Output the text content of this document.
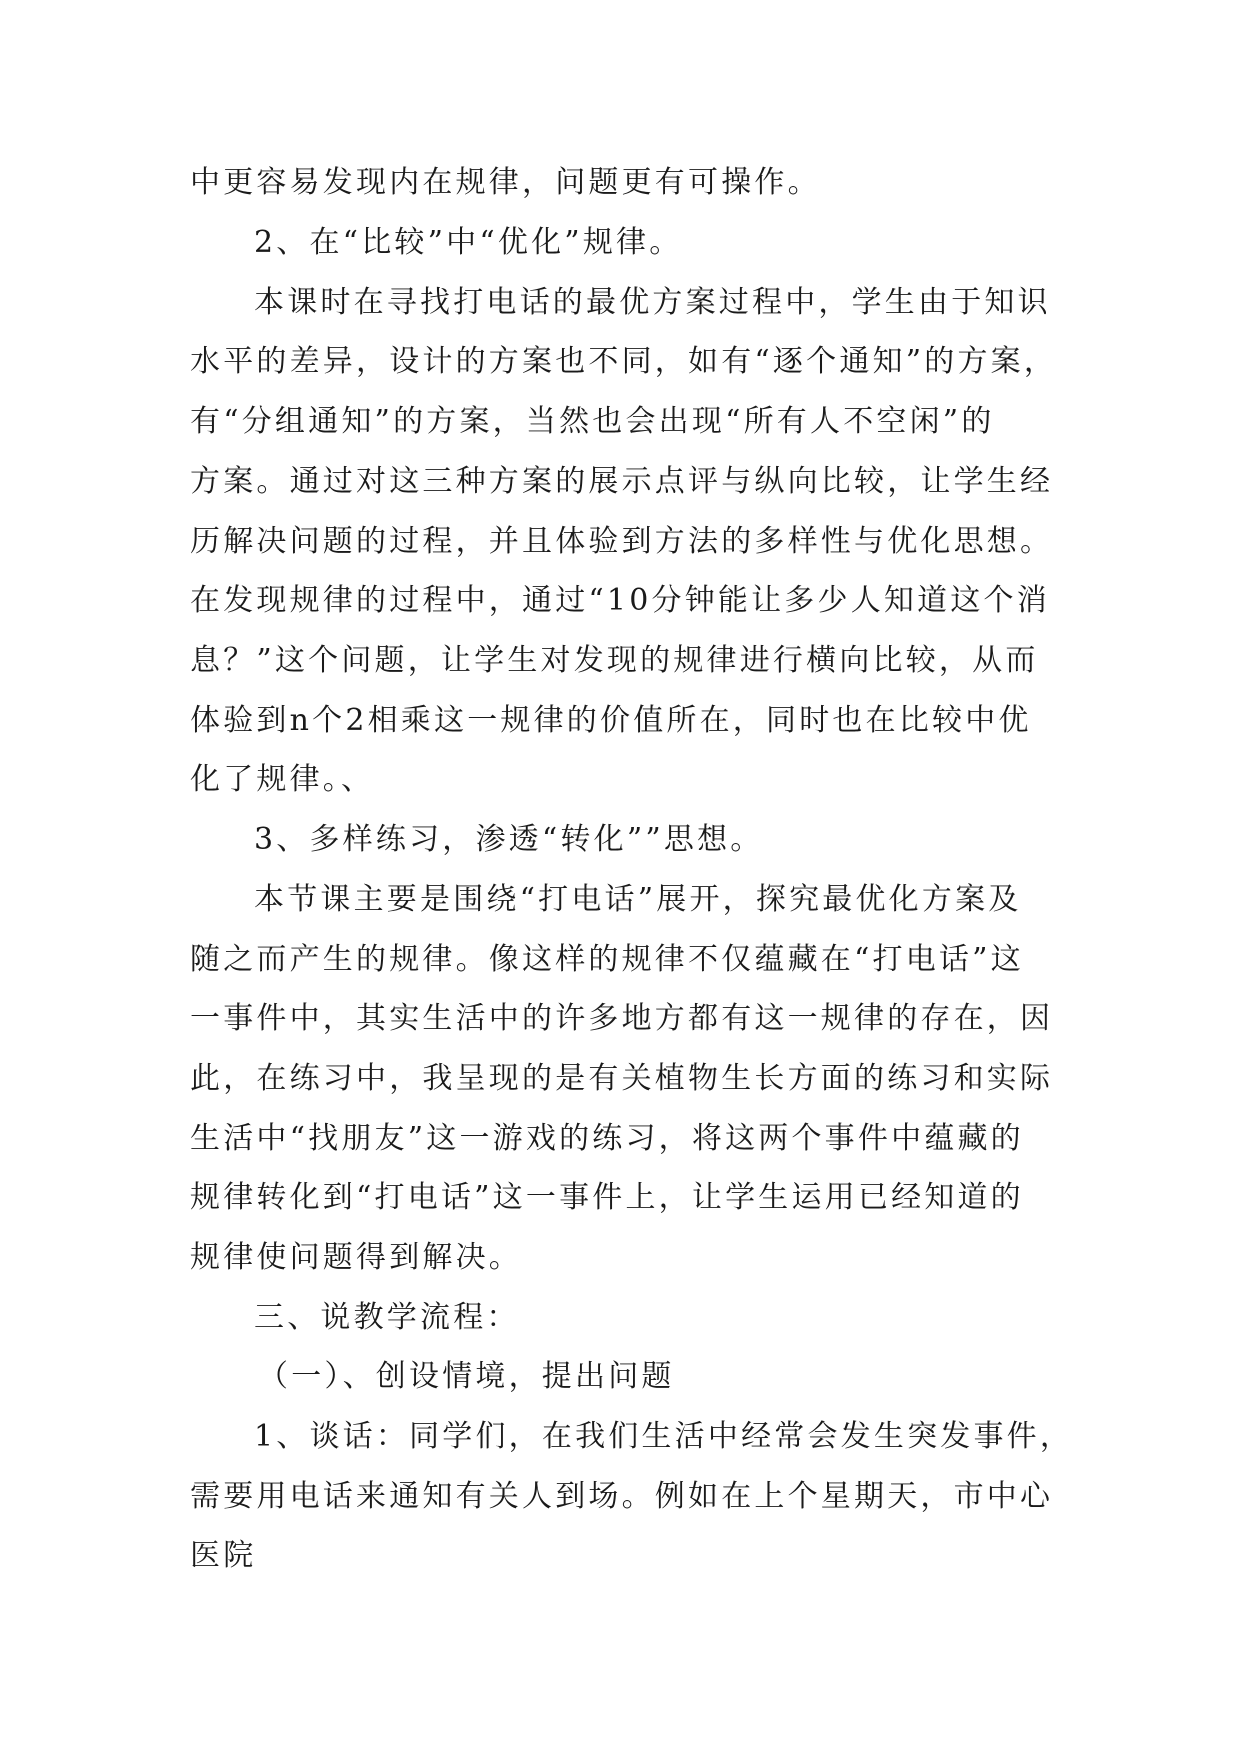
中更容易发现内在规律，问题更有可操作。
2、在“比较”中“优化”规律。
本课时在寻找打电话的最优方案过程中，学生由于知识
水平的差异，设计的方案也不同，如有“逐个通知”的方案，
有“分组通知”的方案，当然也会出现“所有人不空闲”的
方案。通过对这三种方案的展示点评与纵向比较，让学生经
历解决问题的过程，并且体验到方法的多样性与优化思想。
在发现规律的过程中，通过“10分钟能让多少人知道这个消
息？”这个问题，让学生对发现的规律进行横向比较，从而
体验到n个2相乘这一规律的价值所在，同时也在比较中优
化了规律。、
3、多样练习，渗透“转化””思想。
本节课主要是围绕“打电话”展开，探究最优化方案及
随之而产生的规律。像这样的规律不仅蕴藏在“打电话”这
一事件中，其实生活中的许多地方都有这一规律的存在，因
此，在练习中，我呈现的是有关植物生长方面的练习和实际
生活中“找朋友”这一游戏的练习，将这两个事件中蕴藏的
规律转化到“打电话”这一事件上，让学生运用已经知道的
规律使问题得到解决。
三、说教学流程：
（一）、创设情境，提出问题
1、谈话：同学们，在我们生活中经常会发生突发事件，
需要用电话来通知有关人到场。例如在上个星期天，市中心
医院
